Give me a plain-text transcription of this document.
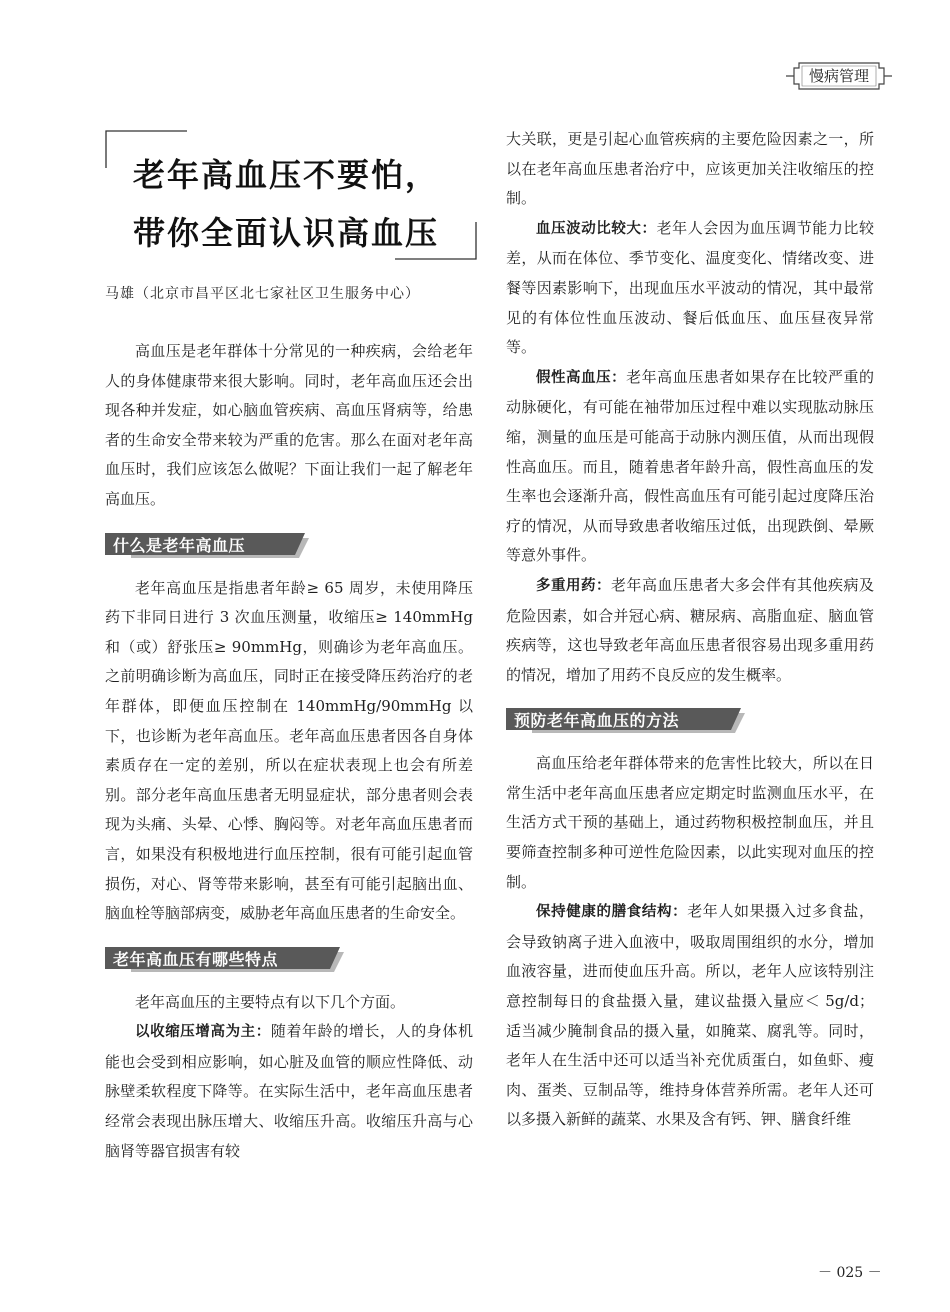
慢病管理
老年高血压不要怕，
带你全面认识高血压
马雄（北京市昌平区北七家社区卫生服务中心）

高血压是老年群体十分常见的一种疾病，会给老年人的身体健康带来很大影响。同时，老年高血压还会出现各种并发症，如心脑血管疾病、高血压肾病等，给患者的生命安全带来较为严重的危害。那么在面对老年高血压时，我们应该怎么做呢？下面让我们一起了解老年高血压。

什么是老年高血压

老年高血压是指患者年龄≥ 65 周岁，未使用降压药下非同日进行 3 次血压测量，收缩压≥ 140mmHg 和（或）舒张压≥ 90mmHg，则确诊为老年高血压。之前明确诊断为高血压，同时正在接受降压药治疗的老年群体，即便血压控制在 140mmHg/90mmHg 以下，也诊断为老年高血压。老年高血压患者因各自身体素质存在一定的差别，所以在症状表现上也会有所差别。部分老年高血压患者无明显症状，部分患者则会表现为头痛、头晕、心悸、胸闷等。对老年高血压患者而言，如果没有积极地进行血压控制，很有可能引起血管损伤，对心、肾等带来影响，甚至有可能引起脑出血、脑血栓等脑部病变，威胁老年高血压患者的生命安全。

老年高血压有哪些特点

老年高血压的主要特点有以下几个方面。

以收缩压增高为主：随着年龄的增长，人的身体机能也会受到相应影响，如心脏及血管的顺应性降低、动脉壁柔软程度下降等。在实际生活中，老年高血压患者经常会表现出脉压增大、收缩压升高。收缩压升高与心脑肾等器官损害有较

大关联，更是引起心血管疾病的主要危险因素之一，所以在老年高血压患者治疗中，应该更加关注收缩压的控制。

血压波动比较大：老年人会因为血压调节能力比较差，从而在体位、季节变化、温度变化、情绪改变、进餐等因素影响下，出现血压水平波动的情况，其中最常见的有体位性血压波动、餐后低血压、血压昼夜异常等。

假性高血压：老年高血压患者如果存在比较严重的动脉硬化，有可能在袖带加压过程中难以实现肱动脉压缩，测量的血压是可能高于动脉内测压值，从而出现假性高血压。而且，随着患者年龄升高，假性高血压的发生率也会逐渐升高，假性高血压有可能引起过度降压治疗的情况，从而导致患者收缩压过低，出现跌倒、晕厥等意外事件。

多重用药：老年高血压患者大多会伴有其他疾病及危险因素，如合并冠心病、糖尿病、高脂血症、脑血管疾病等，这也导致老年高血压患者很容易出现多重用药的情况，增加了用药不良反应的发生概率。

预防老年高血压的方法

高血压给老年群体带来的危害性比较大，所以在日常生活中老年高血压患者应定期定时监测血压水平，在生活方式干预的基础上，通过药物积极控制血压，并且要筛查控制多种可逆性危险因素，以此实现对血压的控制。

保持健康的膳食结构：老年人如果摄入过多食盐，会导致钠离子进入血液中，吸取周围组织的水分，增加血液容量，进而使血压升高。所以，老年人应该特别注意控制每日的食盐摄入量，建议盐摄入量应＜ 5g/d；适当减少腌制食品的摄入量，如腌菜、腐乳等。同时，老年人在生活中还可以适当补充优质蛋白，如鱼虾、瘦肉、蛋类、豆制品等，维持身体营养所需。老年人还可以多摄入新鲜的蔬菜、水果及含有钙、钾、膳食纤维

－ 025 －
